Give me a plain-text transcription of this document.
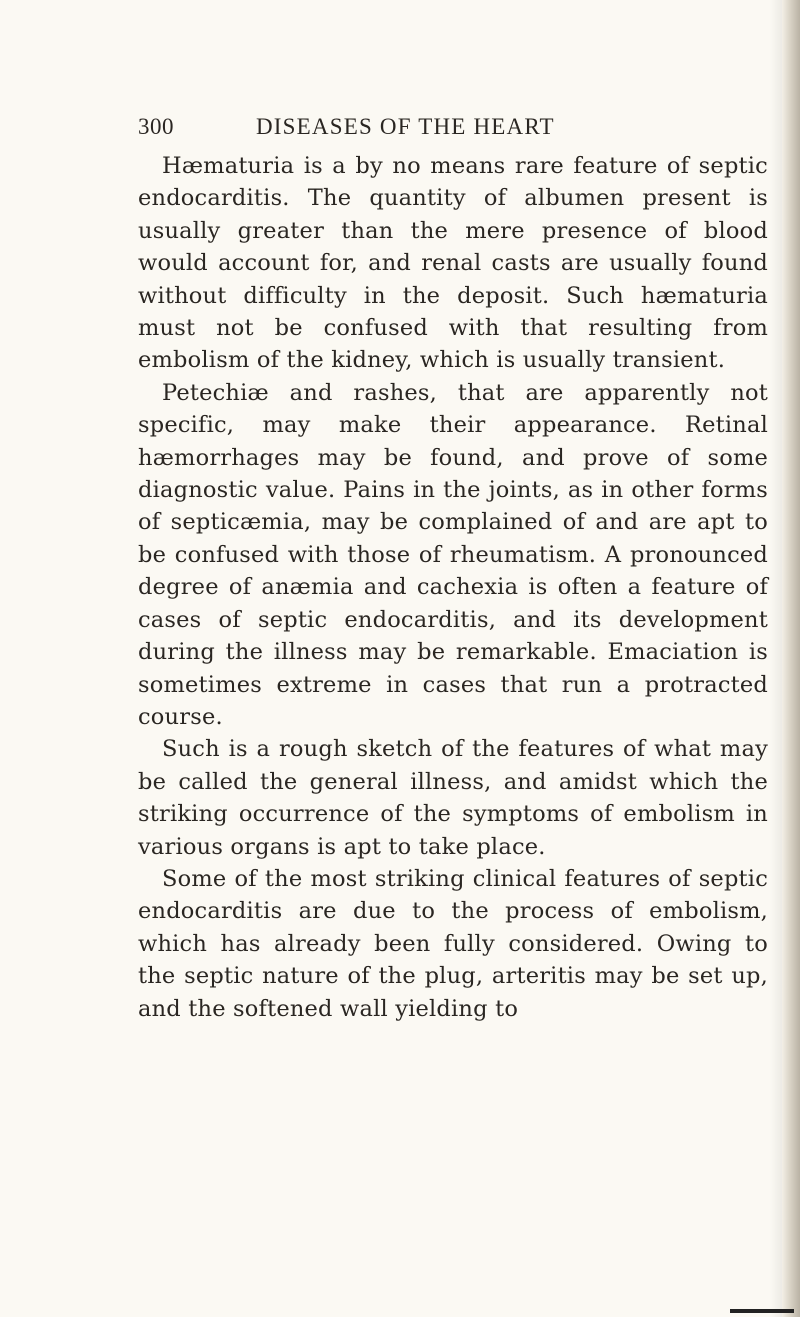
300	DISEASES OF THE HEART

Hæmaturia is a by no means rare feature of septic endocarditis. The quantity of albumen present is usually greater than the mere presence of blood would account for, and renal casts are usually found without difficulty in the deposit. Such hæmaturia must not be confused with that resulting from embolism of the kidney, which is usually transient.

Petechiæ and rashes, that are apparently not specific, may make their appearance. Retinal hæmorrhages may be found, and prove of some diagnostic value. Pains in the joints, as in other forms of septicæmia, may be complained of and are apt to be confused with those of rheumatism. A pronounced degree of anæmia and cachexia is often a feature of cases of septic endocarditis, and its development during the illness may be remarkable. Emaciation is sometimes extreme in cases that run a protracted course.

Such is a rough sketch of the features of what may be called the general illness, and amidst which the striking occurrence of the symptoms of embolism in various organs is apt to take place.

Some of the most striking clinical features of septic endocarditis are due to the process of embolism, which has already been fully considered. Owing to the septic nature of the plug, arteritis may be set up, and the softened wall yielding to
